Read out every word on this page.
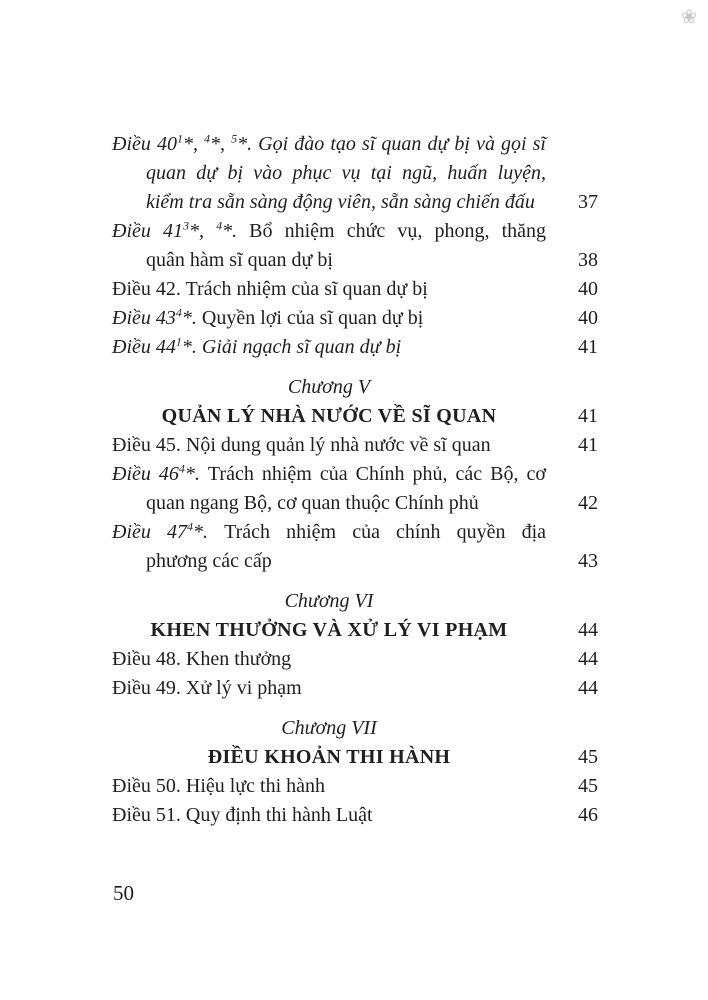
❀
Điều 40$^1$*, $^4$*, $^5$*. Gọi đào tạo sĩ quan dự bị và gọi sĩ
quan dự bị vào phục vụ tại ngũ, huấn luyện,
kiểm tra sẵn sàng động viên, sẵn sàng chiến đấu	37
Điều 41$^3$*, $^4$*. Bổ nhiệm chức vụ, phong, thăng
quân hàm sĩ quan dự bị	38
Điều 42. Trách nhiệm của sĩ quan dự bị	40
Điều 43$^4$*. Quyền lợi của sĩ quan dự bị	40
Điều 44$^1$*. Giải ngạch sĩ quan dự bị	41
Chương V
QUẢN LÝ NHÀ NƯỚC VỀ SĨ QUAN	41
Điều 45. Nội dung quản lý nhà nước về sĩ quan	41
Điều 46$^4$*. Trách nhiệm của Chính phủ, các Bộ, cơ
quan ngang Bộ, cơ quan thuộc Chính phủ	42
Điều 47$^4$*. Trách nhiệm của chính quyền địa
phương các cấp	43
Chương VI
KHEN THƯỞNG VÀ XỬ LÝ VI PHẠM	44
Điều 48. Khen thưởng	44
Điều 49. Xử lý vi phạm	44
Chương VII
ĐIỀU KHOẢN THI HÀNH	45
Điều 50. Hiệu lực thi hành	45
Điều 51. Quy định thi hành Luật	46
50
